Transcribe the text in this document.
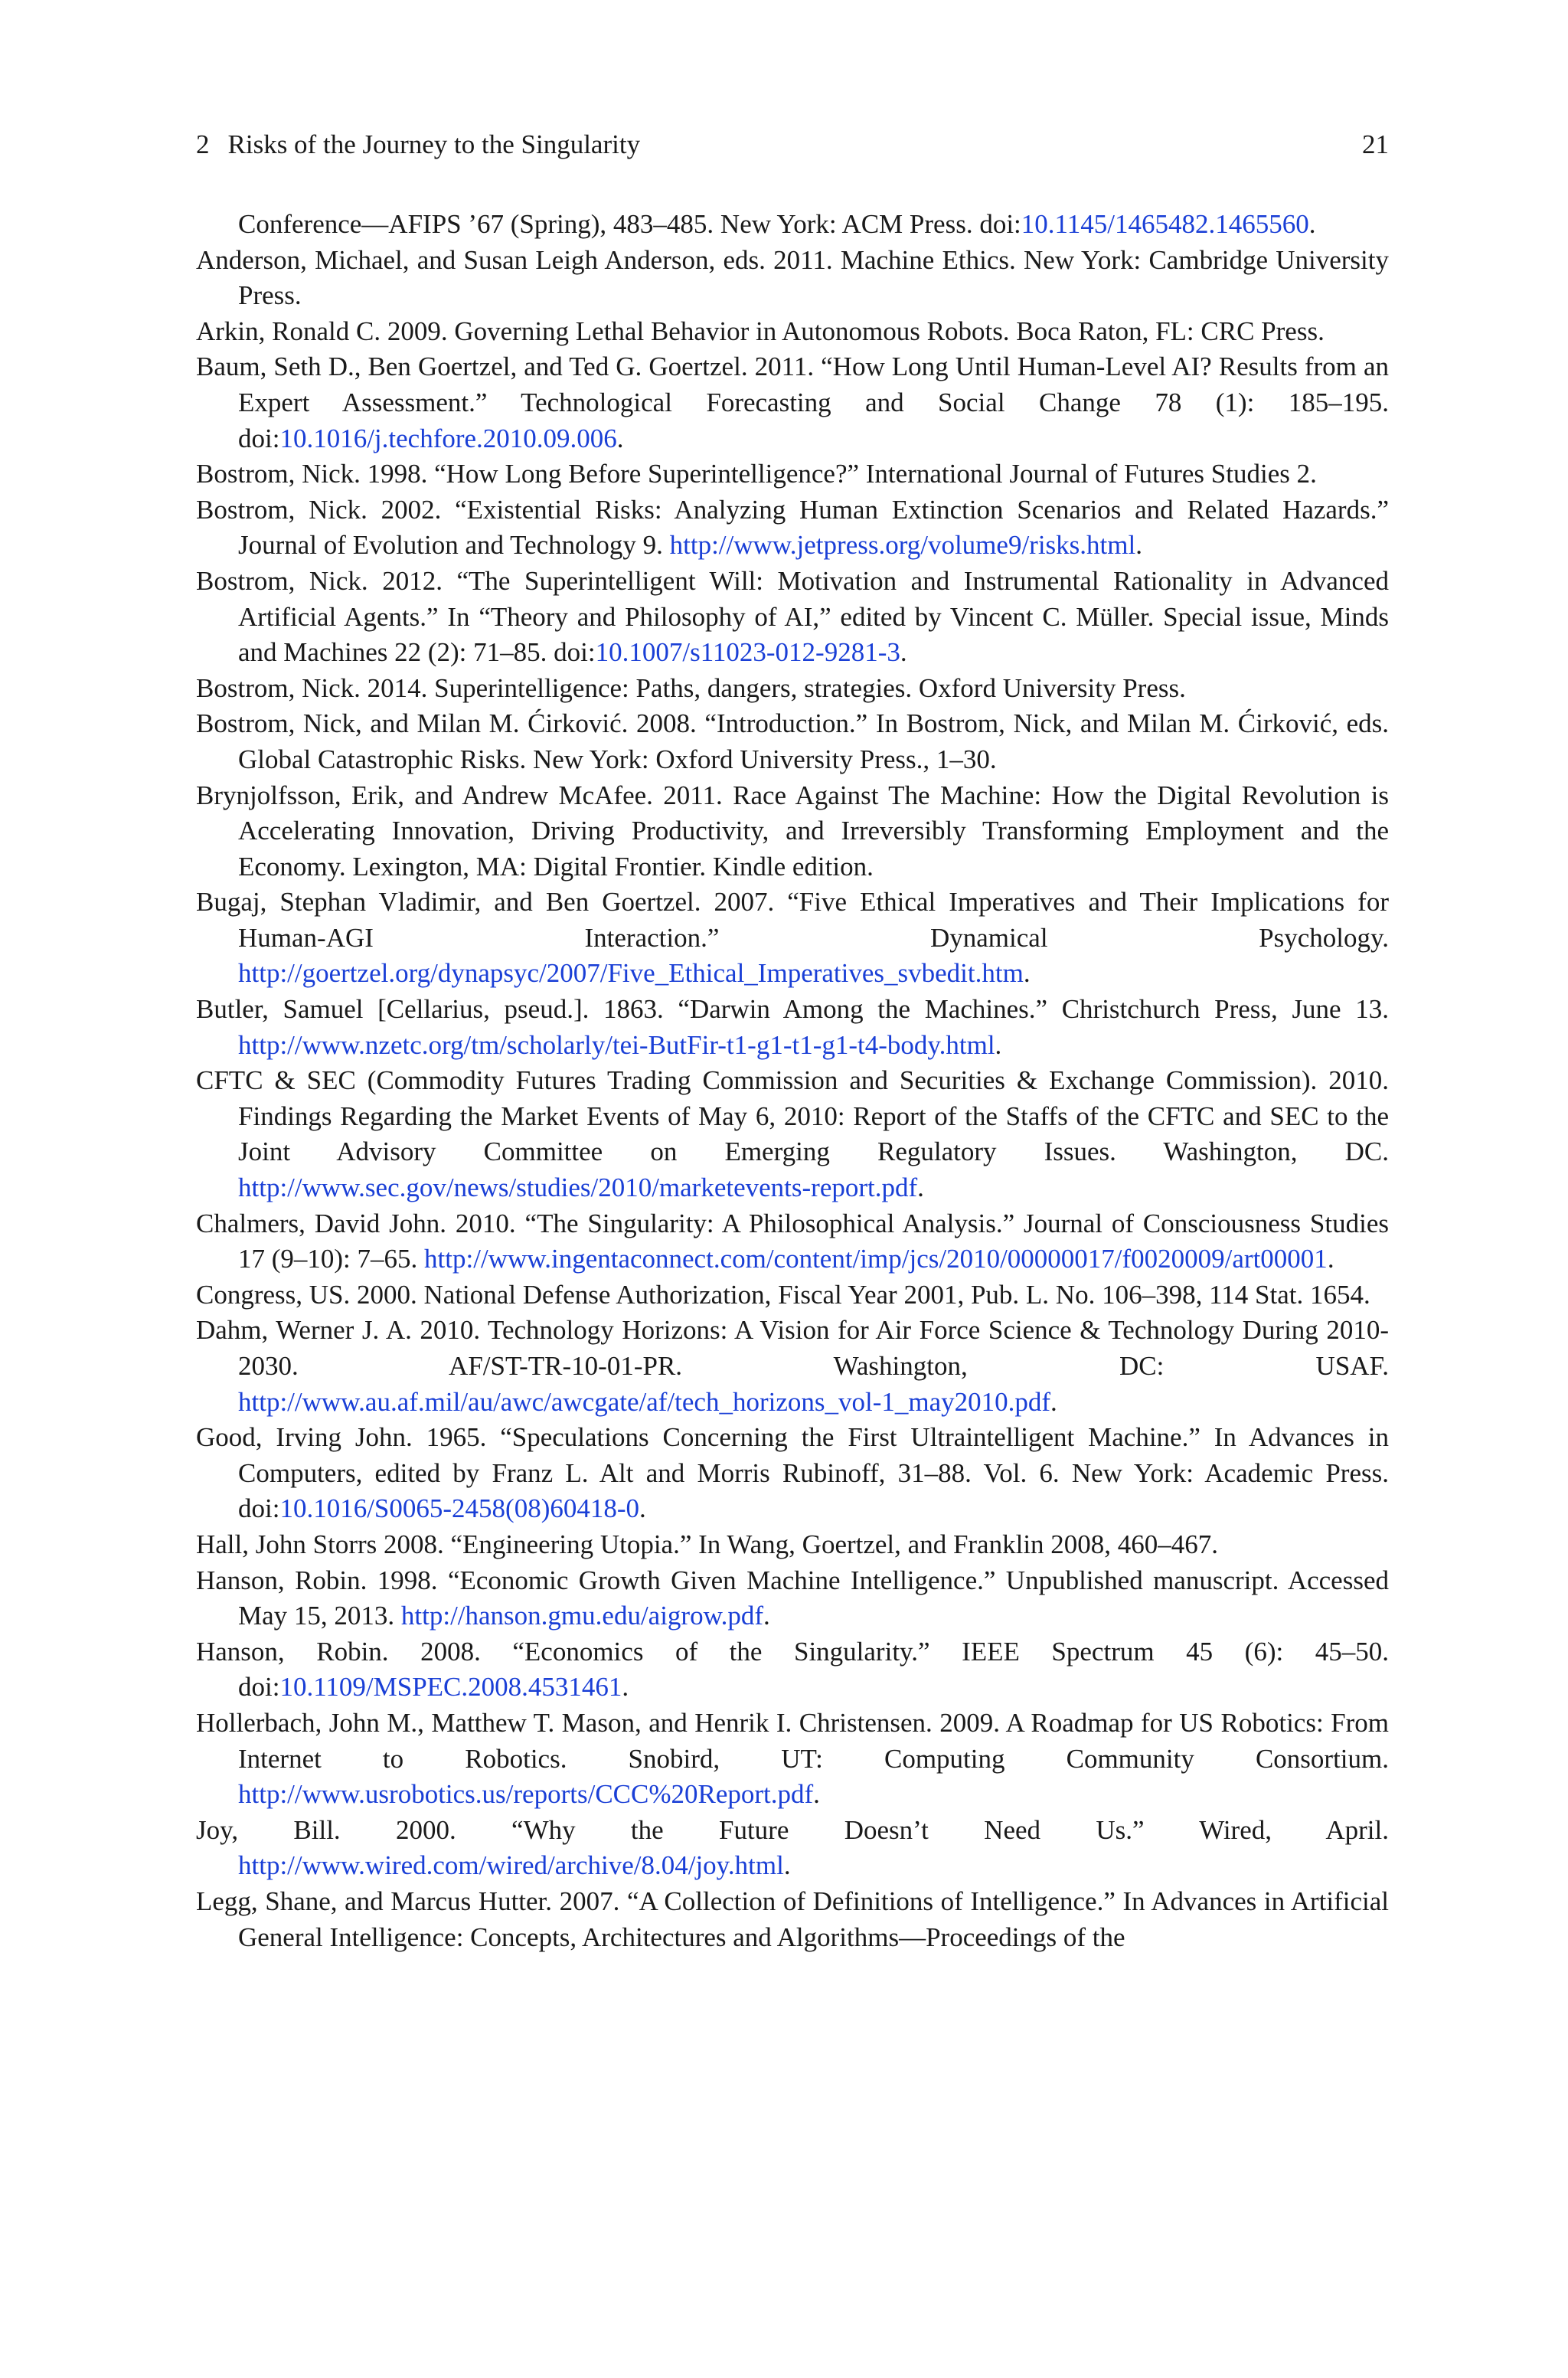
2 Risks of the Journey to the Singularity	21

Conference—AFIPS ’67 (Spring), 483–485. New York: ACM Press. doi:10.1145/1465482.1465560.

Anderson, Michael, and Susan Leigh Anderson, eds. 2011. Machine Ethics. New York: Cambridge University Press.

Arkin, Ronald C. 2009. Governing Lethal Behavior in Autonomous Robots. Boca Raton, FL: CRC Press.

Baum, Seth D., Ben Goertzel, and Ted G. Goertzel. 2011. “How Long Until Human-Level AI? Results from an Expert Assessment.” Technological Forecasting and Social Change 78 (1): 185–195. doi:10.1016/j.techfore.2010.09.006.

Bostrom, Nick. 1998. “How Long Before Superintelligence?” International Journal of Futures Studies 2.

Bostrom, Nick. 2002. “Existential Risks: Analyzing Human Extinction Scenarios and Related Hazards.” Journal of Evolution and Technology 9. http://www.jetpress.org/volume9/risks.html.

Bostrom, Nick. 2012. “The Superintelligent Will: Motivation and Instrumental Rationality in Advanced Artificial Agents.” In “Theory and Philosophy of AI,” edited by Vincent C. Müller. Special issue, Minds and Machines 22 (2): 71–85. doi:10.1007/s11023-012-9281-3.

Bostrom, Nick. 2014. Superintelligence: Paths, dangers, strategies. Oxford University Press.

Bostrom, Nick, and Milan M. Ćirković. 2008. “Introduction.” In Bostrom, Nick, and Milan M. Ćirković, eds. Global Catastrophic Risks. New York: Oxford University Press., 1–30.

Brynjolfsson, Erik, and Andrew McAfee. 2011. Race Against The Machine: How the Digital Revolution is Accelerating Innovation, Driving Productivity, and Irreversibly Transforming Employment and the Economy. Lexington, MA: Digital Frontier. Kindle edition.

Bugaj, Stephan Vladimir, and Ben Goertzel. 2007. “Five Ethical Imperatives and Their Implications for Human-AGI Interaction.” Dynamical Psychology. http://goertzel.org/dynapsyc/2007/Five_Ethical_Imperatives_svbedit.htm.

Butler, Samuel [Cellarius, pseud.]. 1863. “Darwin Among the Machines.” Christchurch Press, June 13. http://www.nzetc.org/tm/scholarly/tei-ButFir-t1-g1-t1-g1-t4-body.html.

CFTC & SEC (Commodity Futures Trading Commission and Securities & Exchange Commission). 2010. Findings Regarding the Market Events of May 6, 2010: Report of the Staffs of the CFTC and SEC to the Joint Advisory Committee on Emerging Regulatory Issues. Washington, DC. http://www.sec.gov/news/studies/2010/marketevents-report.pdf.

Chalmers, David John. 2010. “The Singularity: A Philosophical Analysis.” Journal of Consciousness Studies 17 (9–10): 7–65. http://www.ingentaconnect.com/content/imp/jcs/2010/00000017/f0020009/art00001.

Congress, US. 2000. National Defense Authorization, Fiscal Year 2001, Pub. L. No. 106–398, 114 Stat. 1654.

Dahm, Werner J. A. 2010. Technology Horizons: A Vision for Air Force Science & Technology During 2010-2030. AF/ST-TR-10-01-PR. Washington, DC: USAF. http://www.au.af.mil/au/awc/awcgate/af/tech_horizons_vol-1_may2010.pdf.

Good, Irving John. 1965. “Speculations Concerning the First Ultraintelligent Machine.” In Advances in Computers, edited by Franz L. Alt and Morris Rubinoff, 31–88. Vol. 6. New York: Academic Press. doi:10.1016/S0065-2458(08)60418-0.

Hall, John Storrs 2008. “Engineering Utopia.” In Wang, Goertzel, and Franklin 2008, 460–467.

Hanson, Robin. 1998. “Economic Growth Given Machine Intelligence.” Unpublished manuscript. Accessed May 15, 2013. http://hanson.gmu.edu/aigrow.pdf.

Hanson, Robin. 2008. “Economics of the Singularity.” IEEE Spectrum 45 (6): 45–50. doi:10.1109/MSPEC.2008.4531461.

Hollerbach, John M., Matthew T. Mason, and Henrik I. Christensen. 2009. A Roadmap for US Robotics: From Internet to Robotics. Snobird, UT: Computing Community Consortium. http://www.usrobotics.us/reports/CCC%20Report.pdf.

Joy, Bill. 2000. “Why the Future Doesn’t Need Us.” Wired, April. http://www.wired.com/wired/archive/8.04/joy.html.

Legg, Shane, and Marcus Hutter. 2007. “A Collection of Definitions of Intelligence.” In Advances in Artificial General Intelligence: Concepts, Architectures and Algorithms—Proceedings of the
